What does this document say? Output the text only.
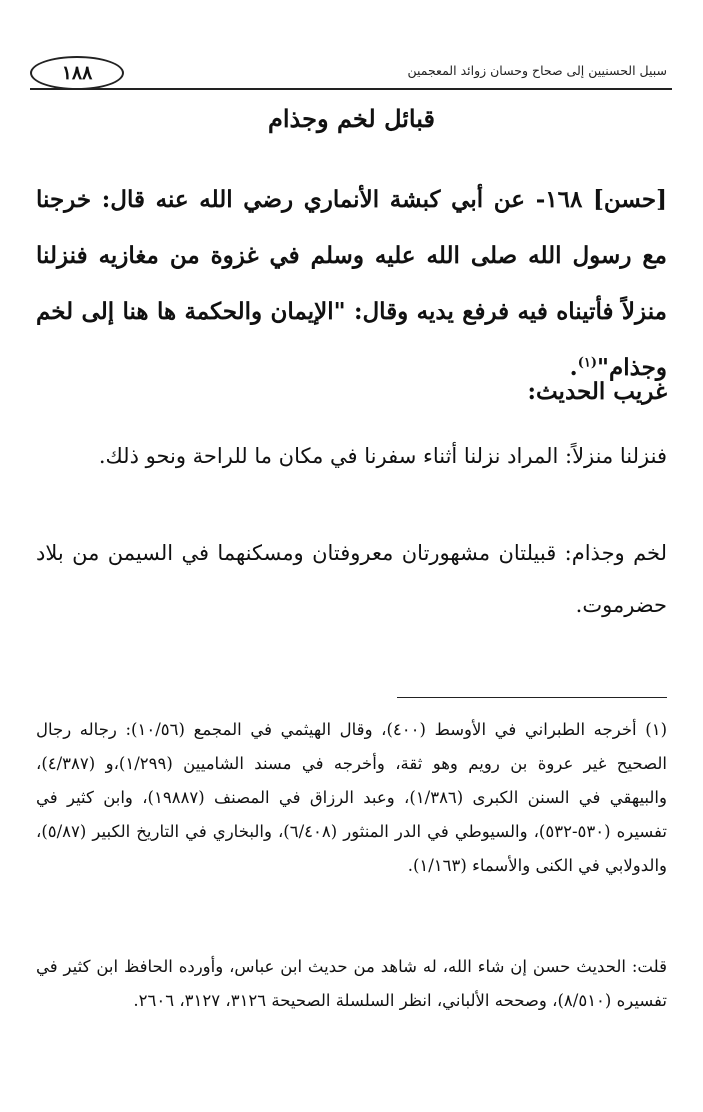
١٨٨	سبيل الحسنيين إلى صحاح وحسان زوائد المعجمين
قبائل لخم وجذام
[حسن] ١٦٨- عن أبي كبشة الأنماري رضي الله عنه قال: خرجنا مع رسول الله صلى الله عليه وسلم في غزوة من مغازيه فنزلنا منزلاً فأتيناه فيه فرفع يديه وقال: "الإيمان والحكمة ها هنا إلى لخم وجذام"$^{(١)}$.
غريب الحديث:
فنزلنا منزلاً: المراد نزلنا أثناء سفرنا في مكان ما للراحة ونحو ذلك.
لخم وجذام: قبيلتان مشهورتان معروفتان ومسكنهما في السيمن من بلاد حضرموت.
(١) أخرجه الطبراني في الأوسط (٤٠٠)، وقال الهيثمي في المجمع (١٠/٥٦): رجاله رجال الصحيح غير عروة بن رويم وهو ثقة، وأخرجه في مسند الشاميين (١/٢٩٩)،و (٤/٣٨٧)، والبيهقي في السنن الكبرى (١/٣٨٦)، وعبد الرزاق في المصنف (١٩٨٨٧)، وابن كثير في تفسيره (٥٣٠-٥٣٢)، والسيوطي في الدر المنثور (٦/٤٠٨)، والبخاري في التاريخ الكبير (٥/٨٧)، والدولابي في الكنى والأسماء (١/١٦٣).
قلت: الحديث حسن إن شاء الله، له شاهد من حديث ابن عباس، وأورده الحافظ ابن كثير في تفسيره (٨/٥١٠)، وصححه الألباني، انظر السلسلة الصحيحة ٣١٢٦، ٣١٢٧، ٢٦٠٦.
